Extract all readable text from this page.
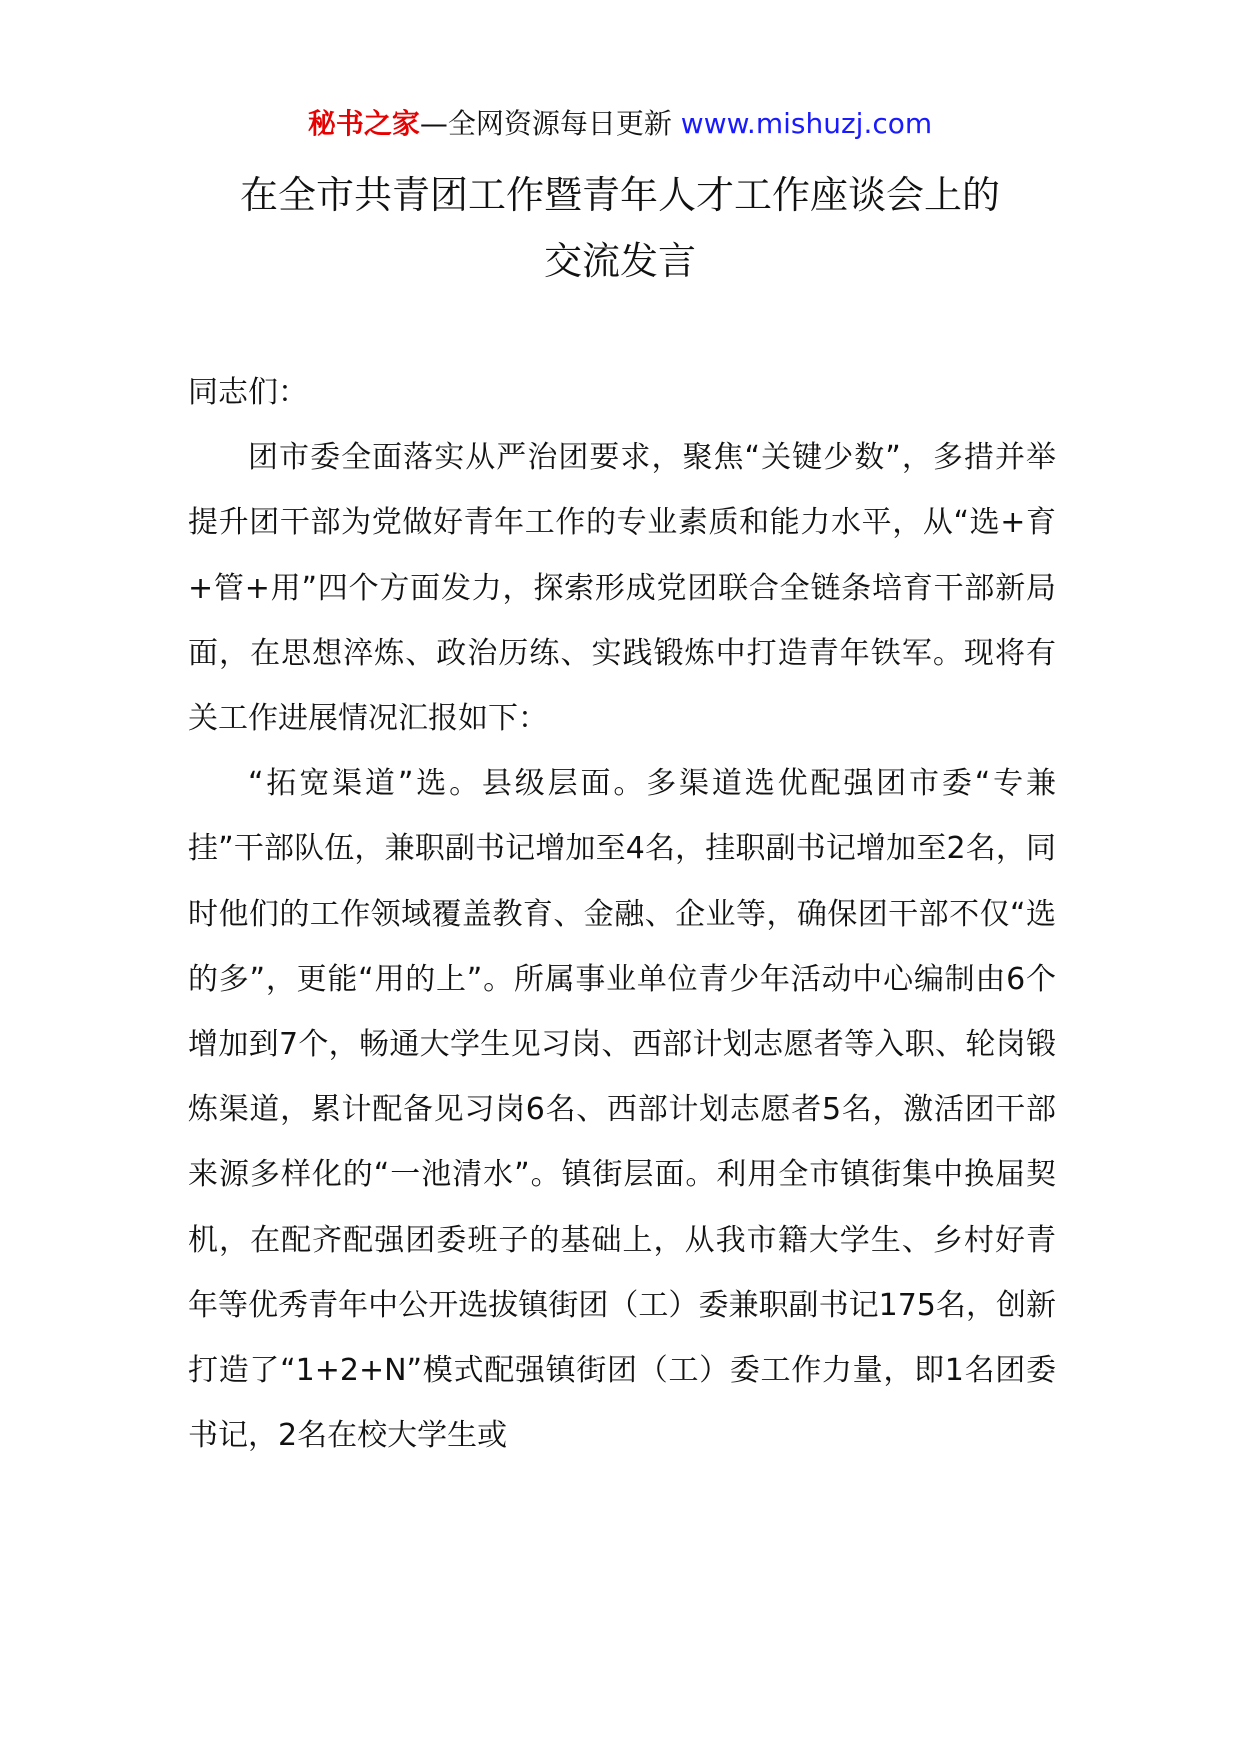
秘书之家—全网资源每日更新 www.mishuzj.com
在全市共青团工作暨青年人才工作座谈会上的
交流发言

同志们：

团市委全面落实从严治团要求，聚焦“关键少数”，多措并举提升团干部为党做好青年工作的专业素质和能力水平，从“选+育+管+用”四个方面发力，探索形成党团联合全链条培育干部新局面，在思想淬炼、政治历练、实践锻炼中打造青年铁军。现将有关工作进展情况汇报如下：

“拓宽渠道”选。县级层面。多渠道选优配强团市委“专兼挂”干部队伍，兼职副书记增加至4名，挂职副书记增加至2名，同时他们的工作领域覆盖教育、金融、企业等，确保团干部不仅“选的多”，更能“用的上”。所属事业单位青少年活动中心编制由6个增加到7个，畅通大学生见习岗、西部计划志愿者等入职、轮岗锻炼渠道，累计配备见习岗6名、西部计划志愿者5名，激活团干部来源多样化的“一池清水”。镇街层面。利用全市镇街集中换届契机，在配齐配强团委班子的基础上，从我市籍大学生、乡村好青年等优秀青年中公开选拔镇街团（工）委兼职副书记175名，创新打造了“1+2+N”模式配强镇街团（工）委工作力量，即1名团委书记，2名在校大学生或
